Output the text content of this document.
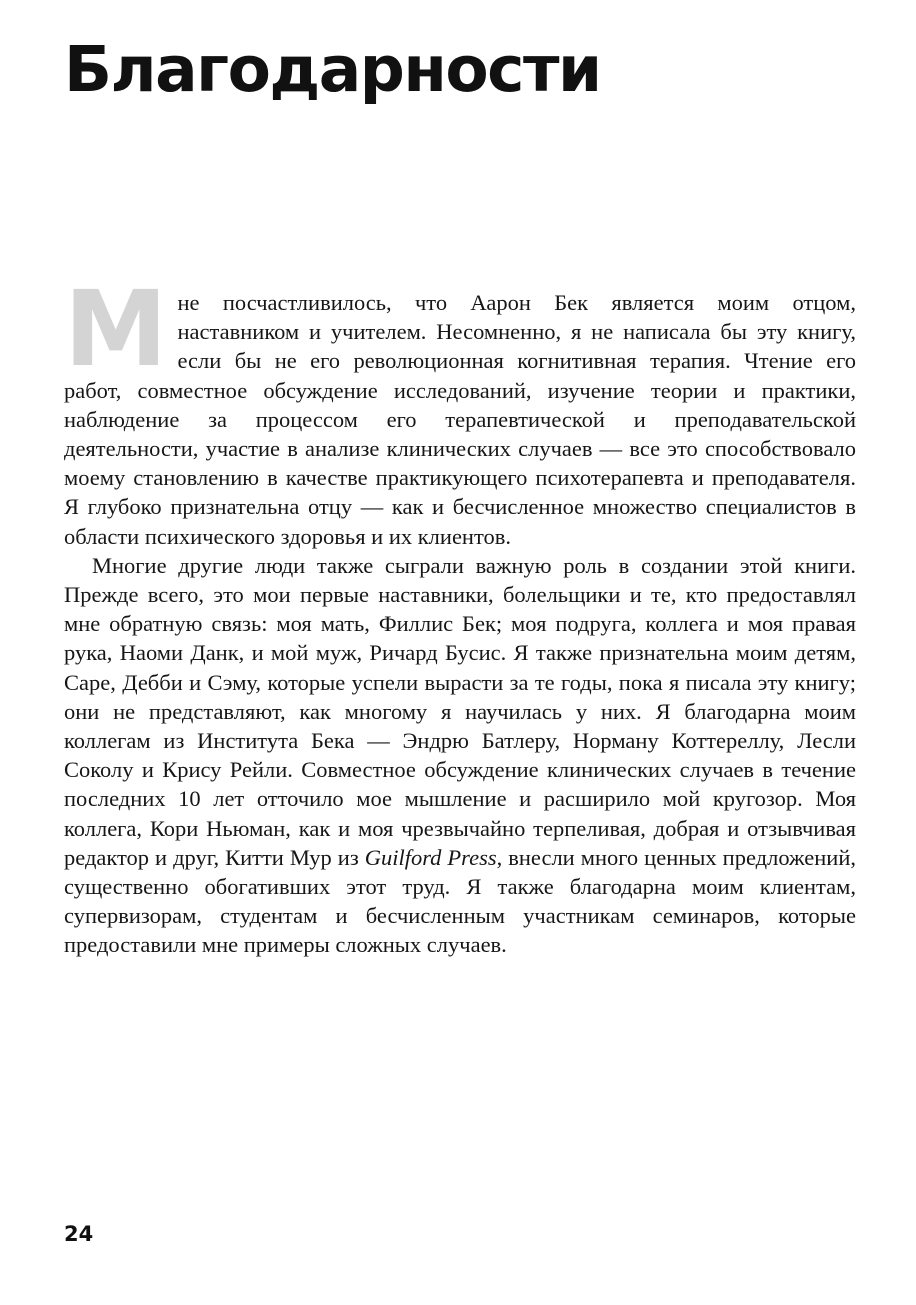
Благодарности

Мне посчастливилось, что Аарон Бек является моим отцом, наставником и учителем. Несомненно, я не написала бы эту книгу, если бы не его революционная когнитивная терапия. Чтение его работ, совместное обсуждение исследований, изучение теории и практики, наблюдение за процессом его терапевтической и преподавательской деятельности, участие в анализе клинических случаев — все это способствовало моему становлению в качестве практикующего психотерапевта и преподавателя. Я глубоко признательна отцу — как и бесчисленное множество специалистов в области психического здоровья и их клиентов.

Многие другие люди также сыграли важную роль в создании этой книги. Прежде всего, это мои первые наставники, болельщики и те, кто предоставлял мне обратную связь: моя мать, Филлис Бек; моя подруга, коллега и моя правая рука, Наоми Данк, и мой муж, Ричард Бусис. Я также признательна моим детям, Саре, Дебби и Сэму, которые успели вырасти за те годы, пока я писала эту книгу; они не представляют, как многому я научилась у них. Я благодарна моим коллегам из Института Бека — Эндрю Батлеру, Норману Коттереллу, Лесли Соколу и Крису Рейли. Совместное обсуждение клинических случаев в течение последних 10 лет отточило мое мышление и расширило мой кругозор. Моя коллега, Кори Ньюман, как и моя чрезвычайно терпеливая, добрая и отзывчивая редактор и друг, Китти Мур из Guilford Press, внесли много ценных предложений, существенно обогативших этот труд. Я также благодарна моим клиентам, супервизорам, студентам и бесчисленным участникам семинаров, которые предоставили мне примеры сложных случаев.

24
